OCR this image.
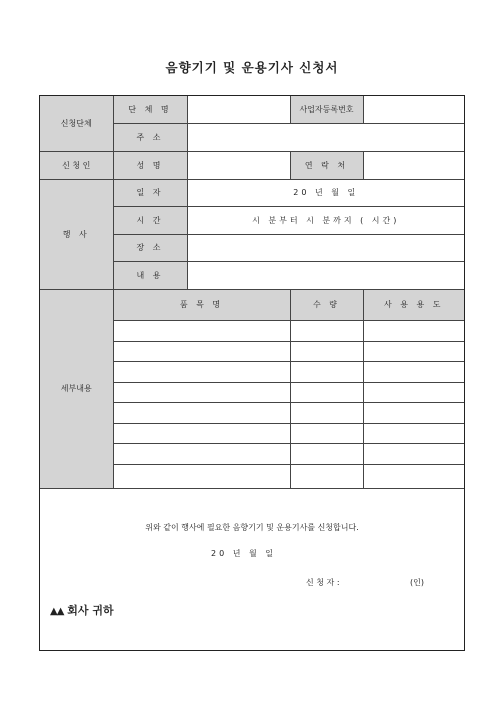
음향기기 및 운용기사 신청서
신청단체	단 체 명		사업자등록번호	
	주 소			
신 청 인	성 명		연 락 처	
행 사	일 자	20 년 월 일		
	시 간	시 분부터 시 분까지 ( 시간)		
	장 소			
	내 용			
세부내용	품 목 명		수 량	사 용 용 도

위와 같이 행사에 필요한 음향기기 및 운용기사를 신청합니다.
20 년 월 일
신 청 자 :	(인)
▲▲ 회사 귀하
